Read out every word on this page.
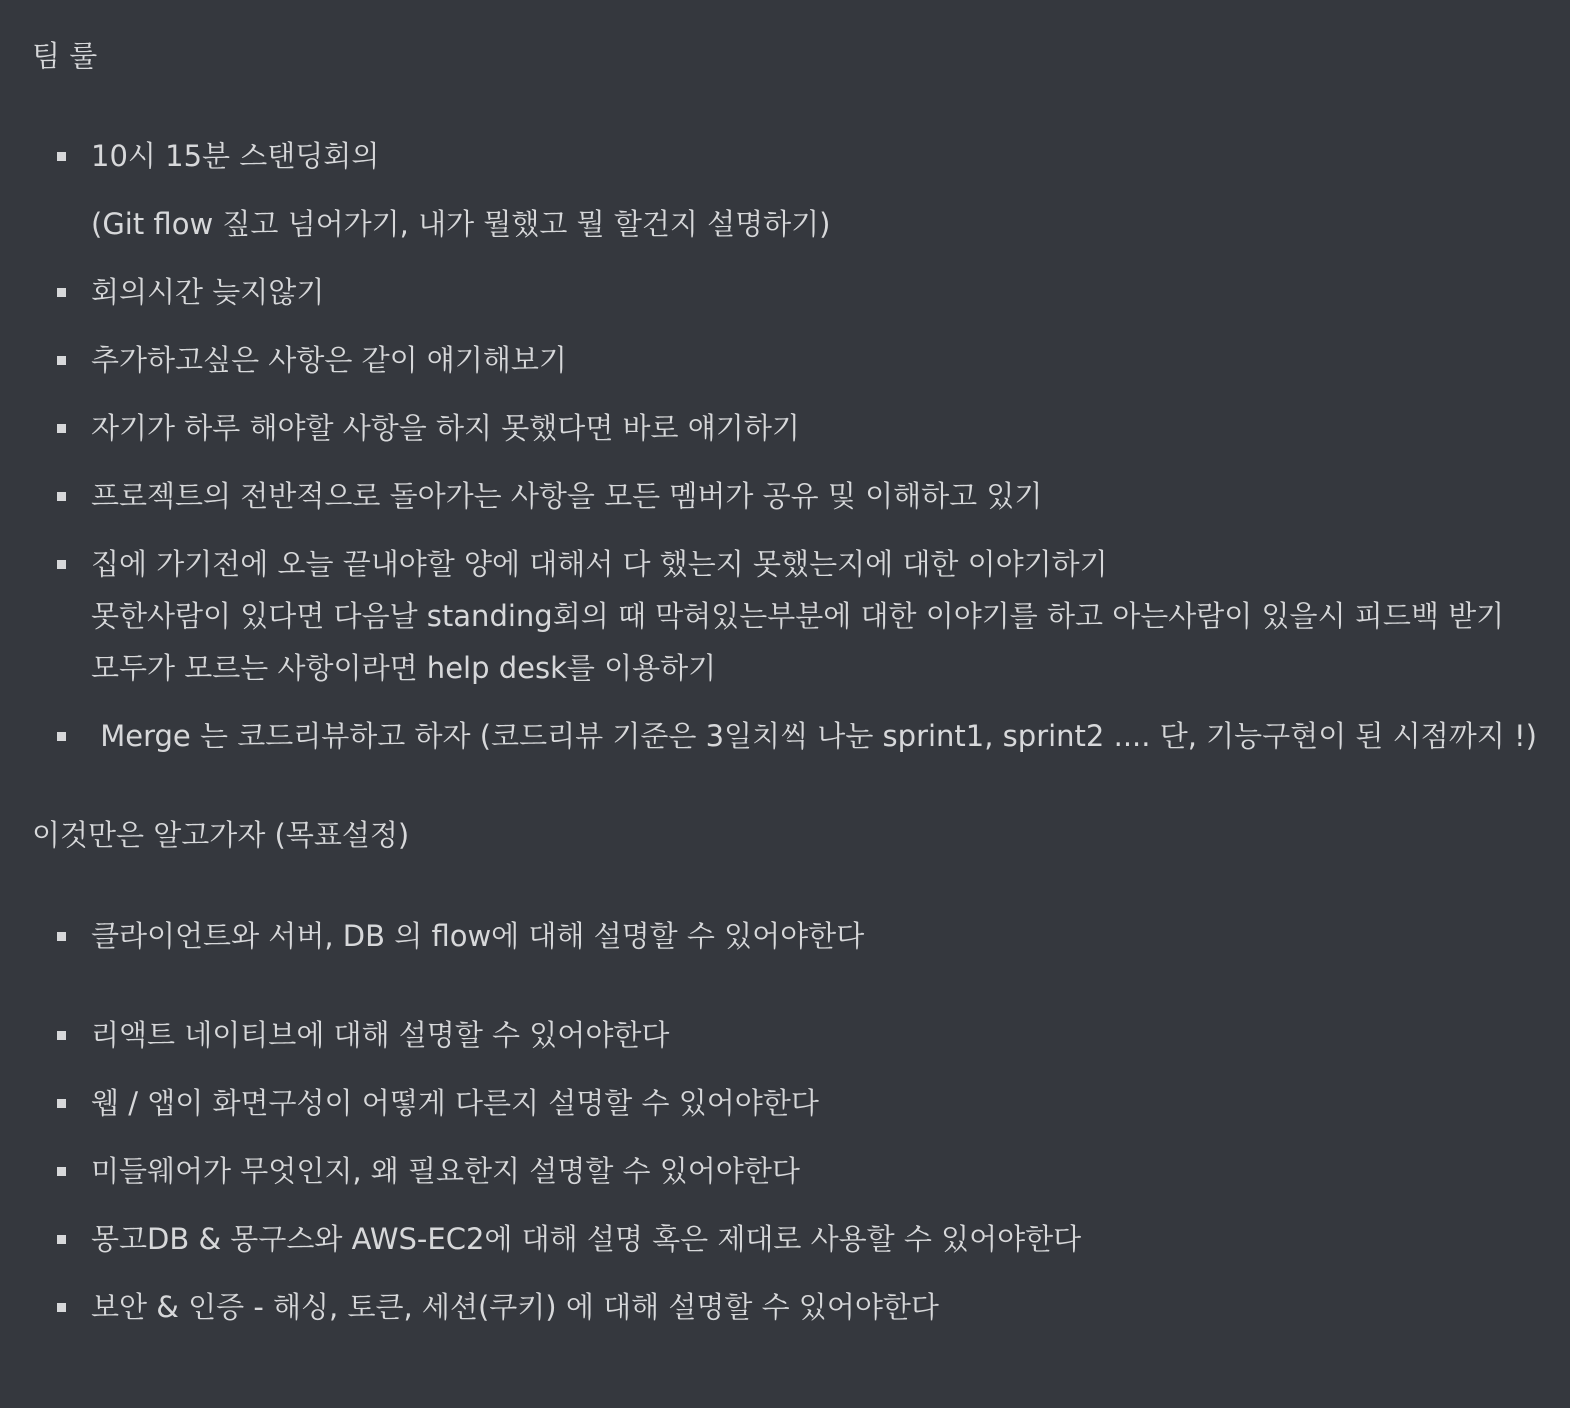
팀 룰
10시 15분 스탠딩회의
(Git flow 짚고 넘어가기, 내가 뭘했고 뭘 할건지 설명하기)
회의시간 늦지않기
추가하고싶은 사항은 같이 얘기해보기
자기가 하루 해야할 사항을 하지 못했다면 바로 얘기하기
프로젝트의 전반적으로 돌아가는 사항을 모든 멤버가 공유 및 이해하고 있기
집에 가기전에 오늘 끝내야할 양에 대해서 다 했는지 못했는지에 대한 이야기하기
못한사람이 있다면 다음날 standing회의 때 막혀있는부분에 대한 이야기를 하고 아는사람이 있을시 피드백 받기
모두가 모르는 사항이라면 help desk를 이용하기
Merge 는 코드리뷰하고 하자 (코드리뷰 기준은 3일치씩 나눈 sprint1, sprint2 .... 단, 기능구현이 된 시점까지 !)
이것만은 알고가자 (목표설정)
클라이언트와 서버, DB 의 flow에 대해 설명할 수 있어야한다
리액트 네이티브에 대해 설명할 수 있어야한다
웹 / 앱이 화면구성이 어떻게 다른지 설명할 수 있어야한다
미들웨어가 무엇인지, 왜 필요한지 설명할 수 있어야한다
몽고DB & 몽구스와 AWS-EC2에 대해 설명 혹은 제대로 사용할 수 있어야한다
보안 & 인증 - 해싱, 토큰, 세션(쿠키) 에 대해 설명할 수 있어야한다
